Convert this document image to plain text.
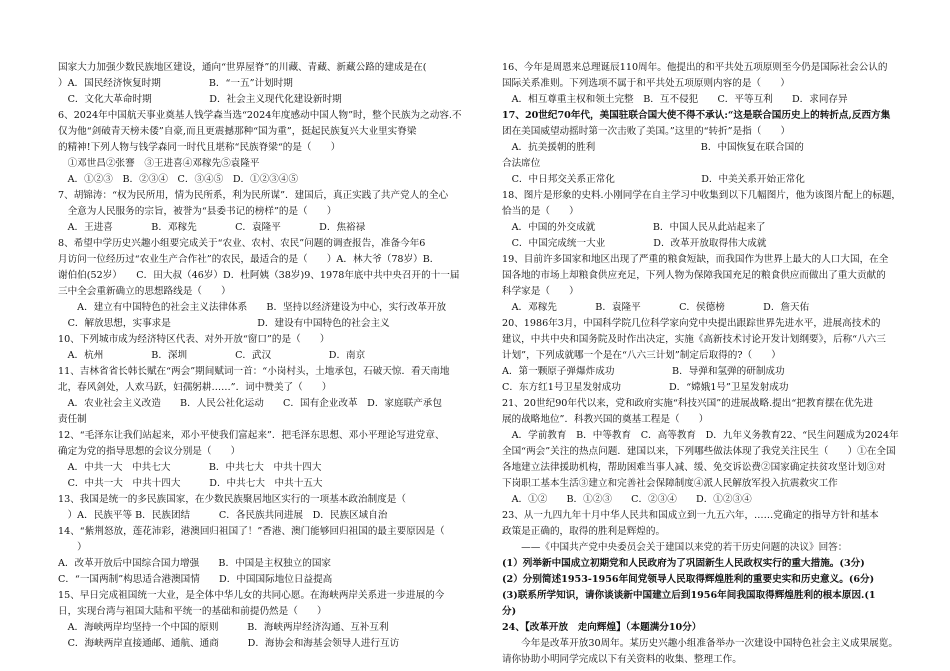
国家大力加强少数民族地区建设，通向“世界屋脊”的川藏、青藏、新藏公路的建成是在(
）A．国民经济恢复时期　　　　　B．“一五”计划时期
　C．文化大革命时期　　　　　　D．社会主义现代化建设新时期
6、2024年中国航天事业奠基人钱学森当选“2024年度感动中国人物”时，整个民族为之动容.不
仅为他“剑破青天榜未倭”自豪,而且更震撼那种“国为重”，挺起民族复兴大业里实脊梁
的精神!下列人物与钱学森同一时代且堪称“民族脊梁“的是（　　）
　①邓世昌②张謇　③王进喜④邓稼先⑤袁隆平
　A．①②③　B．②③④　C．③④⑤　D．①②③④⑤
7、胡锦涛：“权为民所用，情为民所系，利为民所谋”．建国后，真正实践了共产党人的全心
　全意为人民服务的宗旨，被誉为“县委书记的榜样”的是（　　）
　A．王进喜　　　　B．邓稼先　　　　C．袁隆平　　　　D．焦裕禄
8、希望中学历史兴趣小组要完成关于“农业、农村、农民”问题的调查报告，准备今年6
月访问一位经历过“农业生产合作社”的农民，最适合的是（　　）A．林大爷（78岁）B．
谢伯伯(52岁）　　C．田大叔（46岁）D．杜阿姨（38岁)9、1978年底中共中央召开的十一届
三中全会重新确立的思想路线是（　　）
　　A．建立有中国特色的社会主义法律体系　　B．坚持以经济建设为中心，实行改革开放
　C．解放思想，实事求是　　　　　　　　　D．建设有中国特色的社会主义
10、下列城市成为经济特区代表、对外开放“窗口”的是（　　）
　A．杭州　　　　　B．深圳　　　　　C．武汉　　　　　　D．南京
11、吉林省省长韩长赋在“两会”期间赋词一首：“小岗村头，土地承包，石破天惊．看天南地
北，春风剑处，人欢马跃，妇孺躬耕……”．词中赞美了（　　）
　A．农业社会主义改造　　B．人民公社化运动　　C．国有企业改革　D．家庭联产承包
责任制
12、“毛泽东让我们站起来，邓小平使我们富起来”．把毛泽东思想、邓小平理论写进党章、
确定为党的指导思想的会议分别是（　　）
　A．中共一大　中共七大　　　　B．中共七大　中共十四大
　C．中共一大　中共十四大　　　D．中共七大　中共十五大
13、我国是统一的多民族国家，在少数民族聚居地区实行的一项基本政治制度是（
　）A．民族平等 B．民族团结　　　C．各民族共同进展　D．民族区域自治
14、“紫荆怒放，莲花沛彩，港澳回归祖国了！”香港、澳门能够回归祖国的最主要原因是（
　　）
A．改革开放后中国综合国力增强　　B．中国是主权独立的国家
C．“一国两制”构思适合港澳国情　　D．中国国际地位日益提高
15、早日完成祖国统一大业，是全体中华儿女的共同心愿。在海峡两岸关系进一步进展的今
日，实现台湾与祖国大陆和平统一的基础和前提仍然是（　　）
　A．海峡两岸均坚持一个中国的原则　　　B．海峡两岸经济沟通、互补互利
　C．海峡两岸直接通邮、通航、通商　　　D．海协会和海基会领导人进行互访
16、今年是周恩来总理诞辰110周年。他提出的和平共处五项原则至今仍是国际社会公认的
国际关系准则。下列选项不属于和平共处五项原则内容的是（　　）
　A．相互尊重主权和领土完整　B．互不侵犯　　C．平等互利　　D．求同存异
17、20世纪70年代，美国驻联合国大使不得不承认:“这是联合国历史上的转折点,反西方集
团在美国威望动摇时第一次击败了美国。”这里的“转折”是指（　　）
　A．抗美援朝的胜利　　　　　　　　　　　B．中国恢复在联合国的
合法席位
　C．中日邦交关系正常化　　　　　　　　　D．中美关系开始正常化
18、图片是形象的史料.小刚同学在自主学习中收集到以下几幅图片，他为该图片配上的标题，
恰当的是（　　）
　A．中国的外交成就　　　　　　B．中国人民从此站起来了
　C．中国完成统一大业　　　　　D．改革开放取得伟大成就
19、目前许多国家和地区出现了严重的粮食短缺，而我国作为世界上最大的人口大国，在全
国各地的市场上却粮食供应充足，下列人物为保障我国充足的粮食供应而做出了重大贡献的
科学家是（　　）
　A．邓稼先　　　　B．袁隆平　　　　C．侯德榜　　　　D．詹天佑
20、1986年3月，中国科学院几位科学家向党中央提出跟踪世界先进水平，进展高技术的
建议，中共中央和国务院及时作出决定，实施《高新技术讨论开发计划纲要》，后称“八六三
计划”，下列成就哪一个是在“八六三计划”制定后取得的?（　　）
A．第一颗原子弹爆炸成功　　　　　　B．导弹和氢弹的研制成功
C．东方红1号卫星发射成功　　　　　D．“嫦娥1号”卫星发射成功
21、20世纪90年代以来，党和政府实施“科技兴国”的进展战略.提出“把教育摆在优先进
展的战略地位”．科教兴国的奠基工程是（　　）
　A．学前教育　B．中等教育　C．高等教育　D．九年义务教育22、“民生问题成为2024年
全国“两会”关注的热点问题．建国以来，下列哪些做法体现了我党关注民生（　　）①在全国
各地建立法律援助机构，帮助困难当事人减、缓、免交诉讼费②国家确定扶贫攻坚计划③对
下岗职工基本生活③建立和完善社会保障制度④派人民解放军投入抗震救灾工作
　A．①②　　B．①②③　　C．②③④　　D．①②③④
23、从一九四九年十月中华人民共和国成立到一九五六年，……党确定的指导方针和基本
政策是正确的，取得的胜利是辉煌的。
　　——《中国共产党中央委员会关于建国以来党的若干历史问题的决议》回答：
(1）列举新中国成立初期党和人民政府为了巩固新生人民政权实行的重大措施。(3分)
(2）分别简述1953-1956年间党领导人民取得辉煌胜利的重要史实和历史意义。(6分)
(3)联系所学知识，请你谈谈新中国建立后到1956年间我国取得辉煌胜利的根本原因.(1
分)
24、【改革开放　走向辉煌】（本题满分10分）
　　今年是改革开放30周年。某历史兴趣小组准备举办一次建设中国特色社会主义成果展览。
请你协助小明同学完成以下有关资料的收集、整理工作。
